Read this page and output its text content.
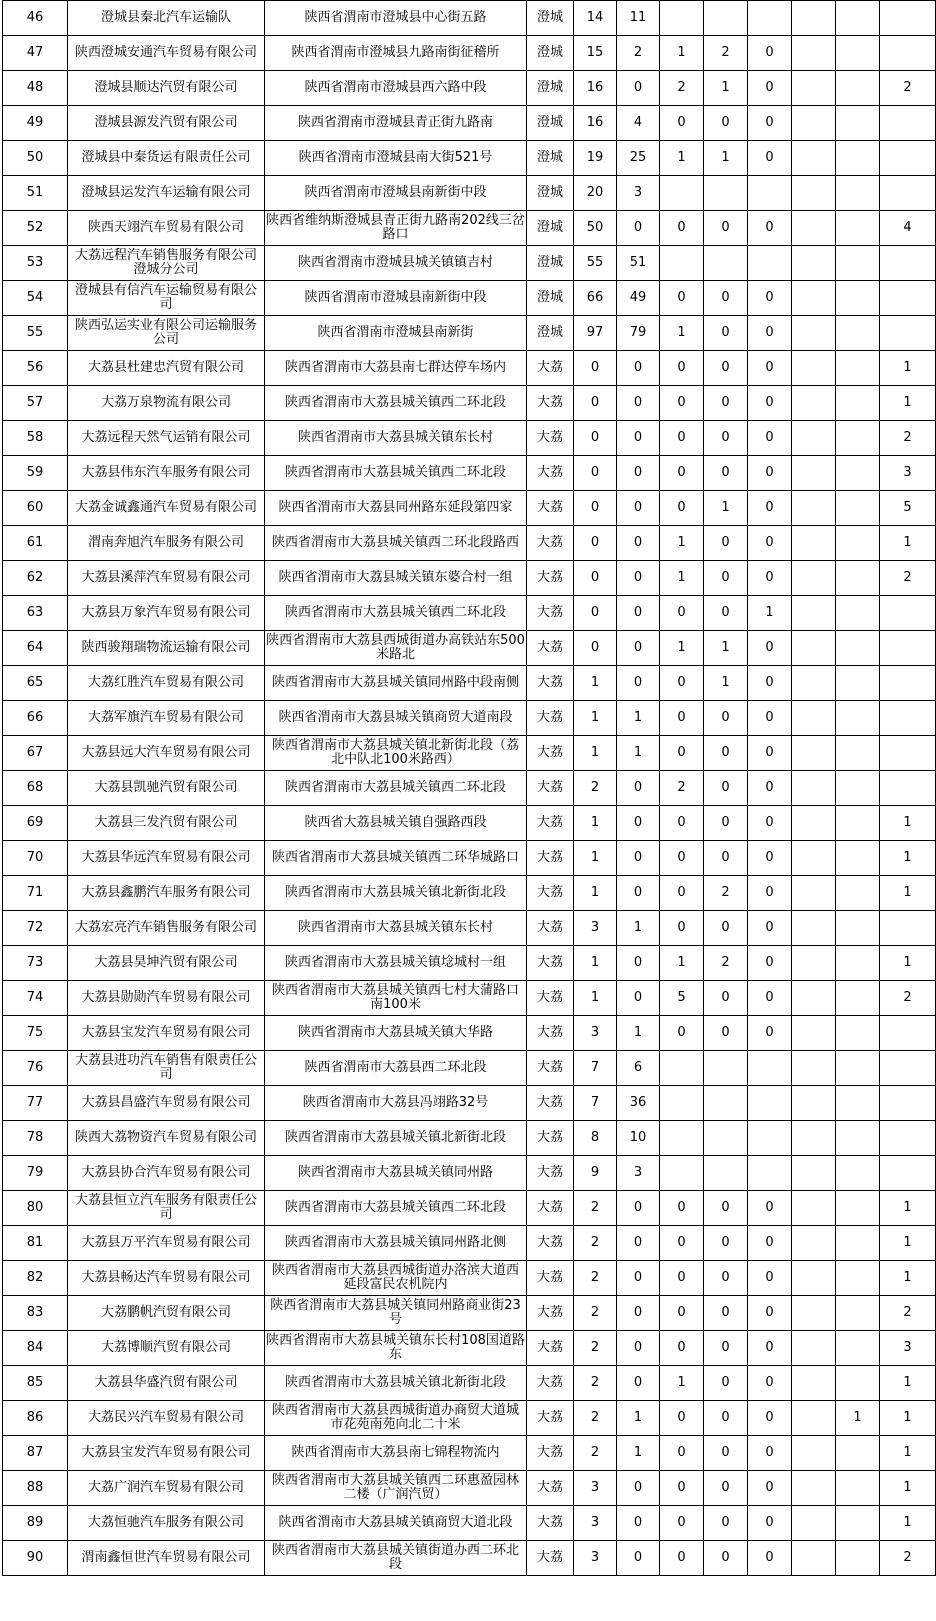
46	澄城县秦北汽车运输队	陕西省渭南市澄城县中心街五路	澄城	14	11						
47	陕西澄城安通汽车贸易有限公司	陕西省渭南市澄城县九路南街征稽所	澄城	15	2	1	2	0			
48	澄城县顺达汽贸有限公司	陕西省渭南市澄城县西六路中段	澄城	16	0	2	1	0			2
49	澄城县源发汽贸有限公司	陕西省渭南市澄城县青正街九路南	澄城	16	4	0	0	0			
50	澄城县中秦货运有限责任公司	陕西省渭南市澄城县南大街521号	澄城	19	25	1	1	0			
51	澄城县运发汽车运输有限公司	陕西省渭南市澄城县南新街中段	澄城	20	3						
52	陕西天翊汽车贸易有限公司	陕西省维纳斯澄城县青正街九路南202线三岔路口	澄城	50	0	0	0	0			4
53	大荔远程汽车销售服务有限公司澄城分公司	陕西省渭南市澄城县城关镇镇吉村	澄城	55	51						
54	澄城县有信汽车运输贸易有限公司	陕西省渭南市澄城县南新街中段	澄城	66	49	0	0	0			
55	陕西弘运实业有限公司运输服务公司	陕西省渭南市澄城县南新街	澄城	97	79	1	0	0			
56	大荔县杜建忠汽贸有限公司	陕西省渭南市大荔县南七群达停车场内	大荔	0	0	0	0	0			1
57	大荔万泉物流有限公司	陕西省渭南市大荔县城关镇西二环北段	大荔	0	0	0	0	0			1
58	大荔远程天然气运销有限公司	陕西省渭南市大荔县城关镇东长村	大荔	0	0	0	0	0			2
59	大荔县伟东汽车服务有限公司	陕西省渭南市大荔县城关镇西二环北段	大荔	0	0	0	0	0			3
60	大荔金诚鑫通汽车贸易有限公司	陕西省渭南市大荔县同州路东延段第四家	大荔	0	0	0	1	0			5
61	渭南奔旭汽车服务有限公司	陕西省渭南市大荔县城关镇西二环北段路西	大荔	0	0	1	0	0			1
62	大荔县溪萍汽车贸易有限公司	陕西省渭南市大荔县城关镇东婆合村一组	大荔	0	0	1	0	0			2
63	大荔县万象汽车贸易有限公司	陕西省渭南市大荔县城关镇西二环北段	大荔	0	0	0	0	1			
64	陕西骏翔瑞物流运输有限公司	陕西省渭南市大荔县西城街道办高铁站东500米路北	大荔	0	0	1	1	0			
65	大荔红胜汽车贸易有限公司	陕西省渭南市大荔县城关镇同州路中段南侧	大荔	1	0	0	1	0			
66	大荔军旗汽车贸易有限公司	陕西省渭南市大荔县城关镇商贸大道南段	大荔	1	1	0	0	0			
67	大荔县远大汽车贸易有限公司	陕西省渭南市大荔县城关镇北新街北段（荔北中队北100米路西）	大荔	1	1	0	0	0			
68	大荔县凯驰汽贸有限公司	陕西省渭南市大荔县城关镇西二环北段	大荔	2	0	2	0	0			
69	大荔县三发汽贸有限公司	陕西省大荔县城关镇自强路西段	大荔	1	0	0	0	0			1
70	大荔县华远汽车贸易有限公司	陕西省渭南市大荔县城关镇西二环华城路口	大荔	1	0	0	0	0			1
71	大荔县鑫鹏汽车服务有限公司	陕西省渭南市大荔县城关镇北新街北段	大荔	1	0	0	2	0			1
72	大荔宏亮汽车销售服务有限公司	陕西省渭南市大荔县城关镇东长村	大荔	3	1	0	0	0			
73	大荔县昊坤汽贸有限公司	陕西省渭南市大荔县城关镇埝城村一组	大荔	1	0	1	2	0			1
74	大荔县勋勋汽车贸易有限公司	陕西省渭南市大荔县城关镇西七村大蒲路口南100米	大荔	1	0	5	0	0			2
75	大荔县宝发汽车贸易有限公司	陕西省渭南市大荔县城关镇大华路	大荔	3	1	0	0	0			
76	大荔县进功汽车销售有限责任公司	陕西省渭南市大荔县西二环北段	大荔	7	6						
77	大荔县昌盛汽车贸易有限公司	陕西省渭南市大荔县冯翊路32号	大荔	7	36						
78	陕西大荔物资汽车贸易有限公司	陕西省渭南市大荔县城关镇北新街北段	大荔	8	10						
79	大荔县协合汽车贸易有限公司	陕西省渭南市大荔县城关镇同州路	大荔	9	3						
80	大荔县恒立汽车服务有限责任公司	陕西省渭南市大荔县城关镇西二环北段	大荔	2	0	0	0	0			1
81	大荔县万平汽车贸易有限公司	陕西省渭南市大荔县城关镇同州路北侧	大荔	2	0	0	0	0			1
82	大荔县畅达汽车贸易有限公司	陕西省渭南市大荔县西城街道办洛滨大道西延段富民农机院内	大荔	2	0	0	0	0			1
83	大荔鹏帆汽贸有限公司	陕西省渭南市大荔县城关镇同州路商业街23号	大荔	2	0	0	0	0			2
84	大荔博顺汽贸有限公司	陕西省渭南市大荔县城关镇东长村108国道路东	大荔	2	0	0	0	0			3
85	大荔县华盛汽贸有限公司	陕西省渭南市大荔县城关镇北新街北段	大荔	2	0	1	0	0			1
86	大荔民兴汽车贸易有限公司	陕西省渭南市大荔县西城街道办商贸大道城市花苑南苑向北二十米	大荔	2	1	0	0	0		1	1
87	大荔县宝发汽车贸易有限公司	陕西省渭南市大荔县南七锦程物流内	大荔	2	1	0	0	0			1
88	大荔广润汽车贸易有限公司	陕西省渭南市大荔县城关镇西二环惠盈园林二楼（广润汽贸）	大荔	3	0	0	0	0			1
89	大荔恒驰汽车服务有限公司	陕西省渭南市大荔县城关镇商贸大道北段	大荔	3	0	0	0	0			1
90	渭南鑫恒世汽车贸易有限公司	陕西省渭南市大荔县城关镇街道办西二环北段	大荔	3	0	0	0	0			2
